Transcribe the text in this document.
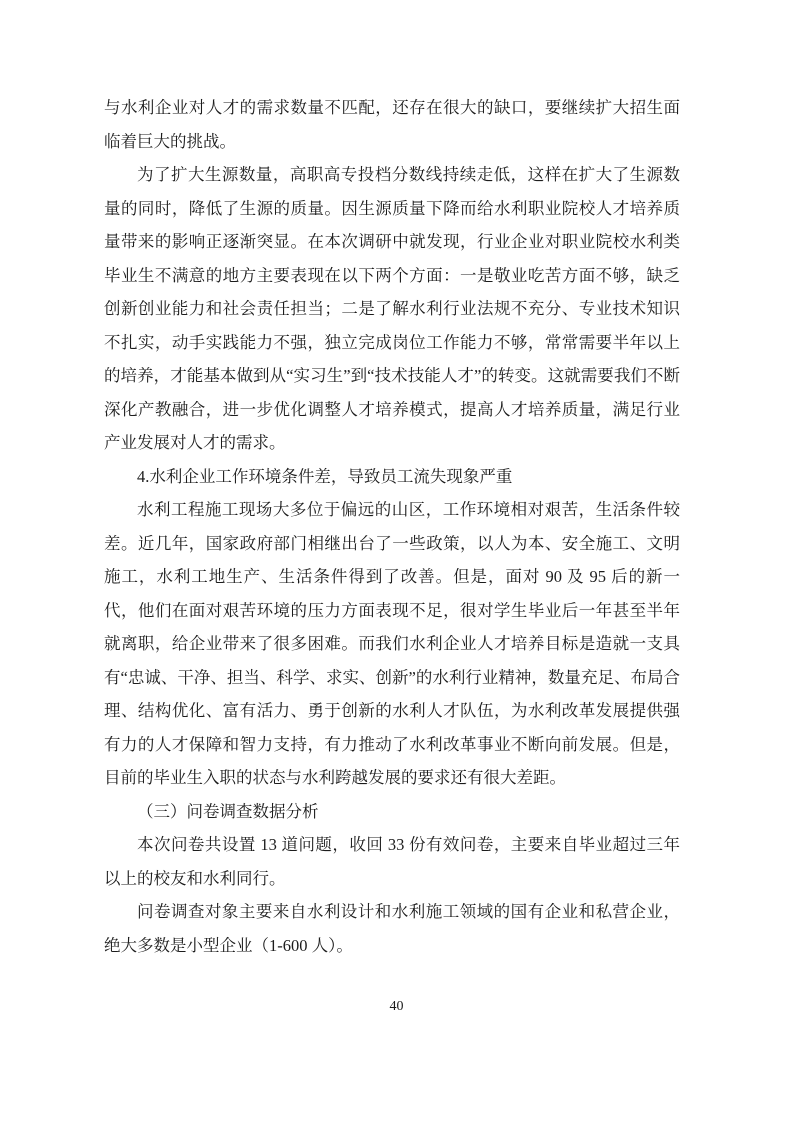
与水利企业对人才的需求数量不匹配，还存在很大的缺口，要继续扩大招生面临着巨大的挑战。

为了扩大生源数量，高职高专投档分数线持续走低，这样在扩大了生源数量的同时，降低了生源的质量。因生源质量下降而给水利职业院校人才培养质量带来的影响正逐渐突显。在本次调研中就发现，行业企业对职业院校水利类毕业生不满意的地方主要表现在以下两个方面：一是敬业吃苦方面不够，缺乏创新创业能力和社会责任担当；二是了解水利行业法规不充分、专业技术知识不扎实，动手实践能力不强，独立完成岗位工作能力不够，常常需要半年以上的培养，才能基本做到从“实习生”到“技术技能人才”的转变。这就需要我们不断深化产教融合，进一步优化调整人才培养模式，提高人才培养质量，满足行业产业发展对人才的需求。

4.水利企业工作环境条件差，导致员工流失现象严重

水利工程施工现场大多位于偏远的山区，工作环境相对艰苦，生活条件较差。近几年，国家政府部门相继出台了一些政策，以人为本、安全施工、文明施工，水利工地生产、生活条件得到了改善。但是，面对 90 及 95 后的新一代，他们在面对艰苦环境的压力方面表现不足，很对学生毕业后一年甚至半年就离职，给企业带来了很多困难。而我们水利企业人才培养目标是造就一支具有“忠诚、干净、担当、科学、求实、创新”的水利行业精神，数量充足、布局合理、结构优化、富有活力、勇于创新的水利人才队伍，为水利改革发展提供强有力的人才保障和智力支持，有力推动了水利改革事业不断向前发展。但是，目前的毕业生入职的状态与水利跨越发展的要求还有很大差距。

（三）问卷调查数据分析

本次问卷共设置 13 道问题，收回 33 份有效问卷，主要来自毕业超过三年以上的校友和水利同行。

问卷调查对象主要来自水利设计和水利施工领域的国有企业和私营企业，绝大多数是小型企业（1-600 人）。

40
